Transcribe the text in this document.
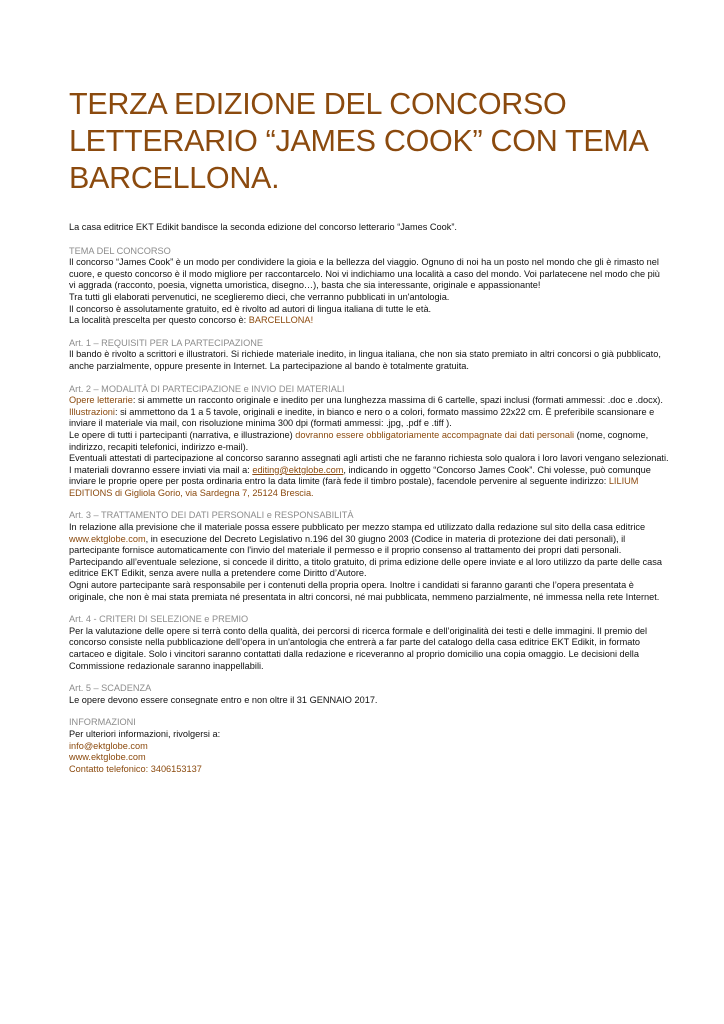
TERZA EDIZIONE DEL CONCORSO LETTERARIO “JAMES COOK” CON TEMA BARCELLONA.

La casa editrice EKT Edikit bandisce la seconda edizione del concorso letterario “James Cook”.

TEMA DEL CONCORSO

Il concorso “James Cook” è un modo per condividere la gioia e la bellezza del viaggio. Ognuno di noi ha un posto nel mondo che gli è rimasto nel cuore, e questo concorso è il modo migliore per raccontarcelo. Noi vi indichiamo una località a caso del mondo. Voi parlatecene nel modo che più vi aggrada (racconto, poesia, vignetta umoristica, disegno…), basta che sia interessante, originale e appassionante!

Tra tutti gli elaborati pervenutici, ne sceglieremo dieci, che verranno pubblicati in un'antologia.

Il concorso è assolutamente gratuito, ed è rivolto ad autori di lingua italiana di tutte le età.

La località prescelta per questo concorso è: BARCELLONA!

Art. 1 – REQUISITI PER LA PARTECIPAZIONE

Il bando è rivolto a scrittori e illustratori. Si richiede materiale inedito, in lingua italiana, che non sia stato premiato in altri concorsi o già pubblicato, anche parzialmente, oppure presente in Internet. La partecipazione al bando è totalmente gratuita.

Art. 2 – MODALITÀ DI PARTECIPAZIONE e INVIO DEI MATERIALI

Opere letterarie: si ammette un racconto originale e inedito per una lunghezza massima di 6 cartelle, spazi inclusi (formati ammessi: .doc e .docx).

Illustrazioni: si ammettono da 1 a 5 tavole, originali e inedite, in bianco e nero o a colori, formato massimo 22x22 cm. È preferibile scansionare e inviare il materiale via mail, con risoluzione minima 300 dpi (formati ammessi: .jpg, .pdf e .tiff ).

Le opere di tutti i partecipanti (narrativa, e illustrazione) dovranno essere obbligatoriamente accompagnate dai dati personali (nome, cognome, indirizzo, recapiti telefonici, indirizzo e-mail).

Eventuali attestati di partecipazione al concorso saranno assegnati agli artisti che ne faranno richiesta solo qualora i loro lavori vengano selezionati. I materiali dovranno essere inviati via mail a: editing@ektglobe.com, indicando in oggetto “Concorso James Cook”. Chi volesse, può comunque inviare le proprie opere per posta ordinaria entro la data limite (farà fede il timbro postale), facendole pervenire al seguente indirizzo: LILIUM EDITIONS di Gigliola Gorio, via Sardegna 7, 25124 Brescia.

Art. 3 – TRATTAMENTO DEI DATI PERSONALI e RESPONSABILITÀ

In relazione alla previsione che il materiale possa essere pubblicato per mezzo stampa ed utilizzato dalla redazione sul sito della casa editrice www.ektglobe.com, in esecuzione del Decreto Legislativo n.196 del 30 giugno 2003 (Codice in materia di protezione dei dati personali), il partecipante fornisce automaticamente con l'invio del materiale il permesso e il proprio consenso al trattamento dei propri dati personali. Partecipando all’eventuale selezione, si concede il diritto, a titolo gratuito, di prima edizione delle opere inviate e al loro utilizzo da parte delle casa editrice EKT Edikit, senza avere nulla a pretendere come Diritto d’Autore.

Ogni autore partecipante sarà responsabile per i contenuti della propria opera. Inoltre i candidati si faranno garanti che l’opera presentata è originale, che non è mai stata premiata né presentata in altri concorsi, né mai pubblicata, nemmeno parzialmente, né immessa nella rete Internet.

Art. 4 - CRITERI DI SELEZIONE e PREMIO

Per la valutazione delle opere si terrà conto della qualità, dei percorsi di ricerca formale e dell’originalità dei testi e delle immagini. Il premio del concorso consiste nella pubblicazione dell’opera in un'antologia che entrerà a far parte del catalogo della casa editrice EKT Edikit, in formato cartaceo e digitale. Solo i vincitori saranno contattati dalla redazione e riceveranno al proprio domicilio una copia omaggio. Le decisioni della Commissione redazionale saranno inappellabili.

Art. 5 – SCADENZA

Le opere devono essere consegnate entro e non oltre il 31 GENNAIO 2017.

INFORMAZIONI

Per ulteriori informazioni, rivolgersi a:

info@ektglobe.com

www.ektglobe.com

Contatto telefonico: 3406153137
